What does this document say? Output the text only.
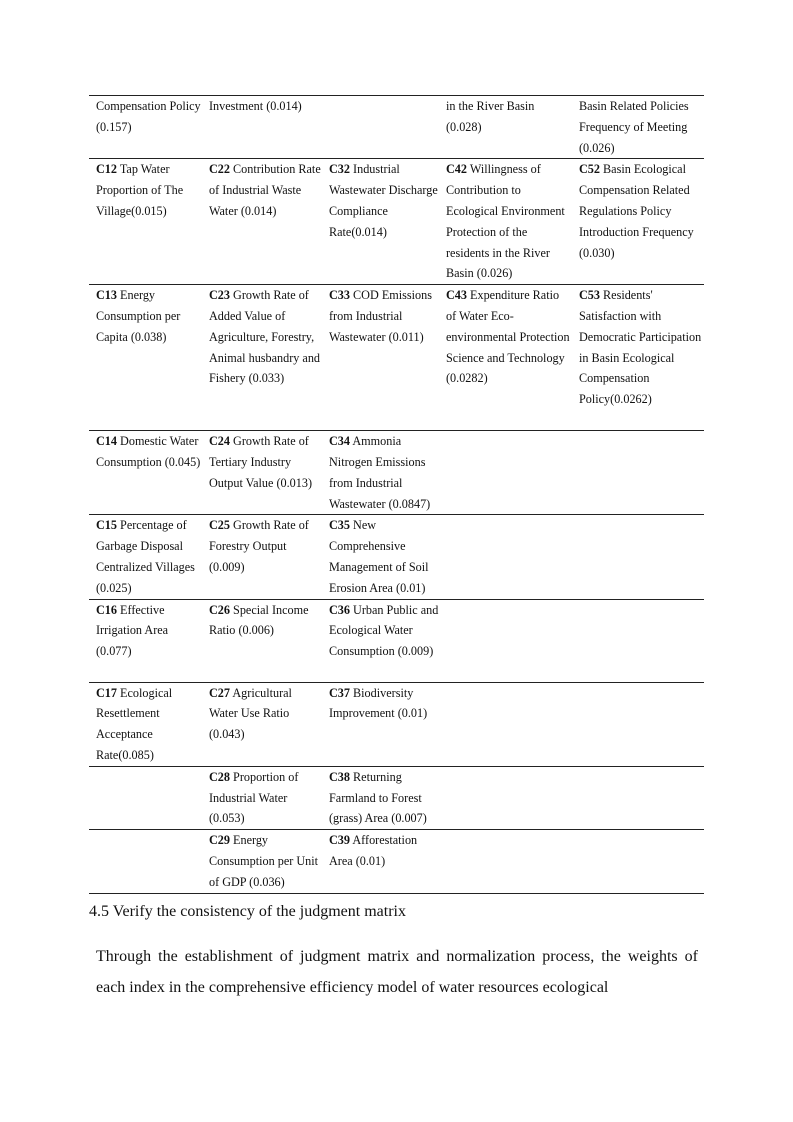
Compensation Policy (0.157)	Investment (0.014)		in the River Basin (0.028)	Basin Related Policies Frequency of Meeting (0.026)
C12 Tap Water Proportion of The Village(0.015)	C22 Contribution Rate of Industrial Waste Water (0.014)	C32 Industrial Wastewater Discharge Compliance Rate(0.014)	C42 Willingness of Contribution to Ecological Environment Protection of the residents in the River Basin (0.026)	C52 Basin Ecological Compensation Related Regulations Policy Introduction Frequency (0.030)
C13 Energy Consumption per Capita (0.038)	C23 Growth Rate of Added Value of Agriculture, Forestry, Animal husbandry and Fishery (0.033)	C33 COD Emissions from Industrial Wastewater (0.011)	C43 Expenditure Ratio of Water Eco-environmental Protection Science and Technology (0.0282)	C53 Residents' Satisfaction with Democratic Participation in Basin Ecological Compensation Policy(0.0262)
C14 Domestic Water Consumption (0.045)	C24 Growth Rate of Tertiary Industry Output Value (0.013)	C34 Ammonia Nitrogen Emissions from Industrial Wastewater (0.0847)		
C15 Percentage of Garbage Disposal Centralized Villages (0.025)	C25 Growth Rate of Forestry Output (0.009)	C35 New Comprehensive Management of Soil Erosion Area (0.01)		
C16 Effective Irrigation Area (0.077)	C26 Special Income Ratio (0.006)	C36 Urban Public and Ecological Water Consumption (0.009)		
C17 Ecological Resettlement Acceptance Rate(0.085)	C27 Agricultural Water Use Ratio (0.043)	C37 Biodiversity Improvement (0.01)		
	C28 Proportion of Industrial Water (0.053)	C38 Returning Farmland to Forest (grass) Area (0.007)		
	C29 Energy Consumption per Unit of GDP (0.036)	C39 Afforestation Area (0.01)		
4.5 Verify the consistency of the judgment matrix

Through the establishment of judgment matrix and normalization process, the weights of each index in the comprehensive efficiency model of water resources ecological
